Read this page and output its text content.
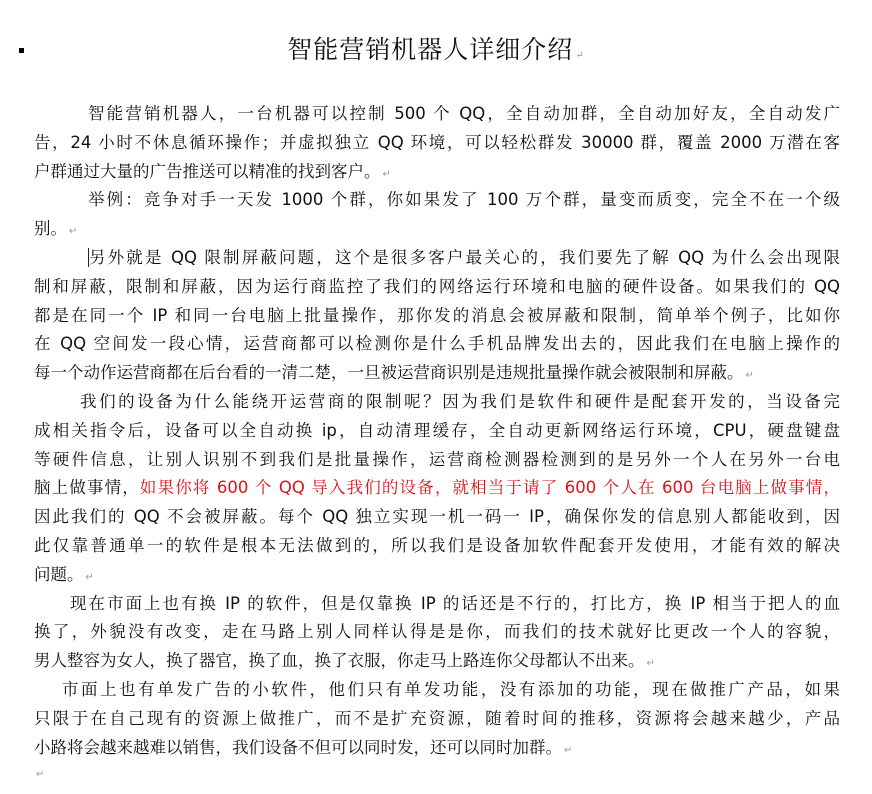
智能营销机器人详细介绍 ↵
智能营销机器人，一台机器可以控制 500 个 QQ，全自动加群，全自动加好友，全自动发广
告，24 小时不休息循环操作；并虚拟独立 QQ 环境，可以轻松群发 30000 群，覆盖 2000 万潜在客
户群通过大量的广告推送可以精准的找到客户。 ↵
举例：竞争对手一天发 1000 个群，你如果发了 100 万个群，量变而质变，完全不在一个级
别。 ↵
另外就是 QQ 限制屏蔽问题，这个是很多客户最关心的，我们要先了解 QQ 为什么会出现限
制和屏蔽，限制和屏蔽，因为运行商监控了我们的网络运行环境和电脑的硬件设备。如果我们的 QQ
都是在同一个 IP 和同一台电脑上批量操作，那你发的消息会被屏蔽和限制，简单举个例子，比如你
在 QQ 空间发一段心情，运营商都可以检测你是什么手机品牌发出去的，因此我们在电脑上操作的
每一个动作运营商都在后台看的一清二楚，一旦被运营商识别是违规批量操作就会被限制和屏蔽。 ↵
我们的设备为什么能绕开运营商的限制呢？因为我们是软件和硬件是配套开发的，当设备完
成相关指令后，设备可以全自动换 ip，自动清理缓存，全自动更新网络运行环境，CPU，硬盘键盘
等硬件信息，让别人识别不到我们是批量操作，运营商检测器检测到的是另外一个人在另外一台电
脑上做事情，如果你将 600 个 QQ 导入我们的设备，就相当于请了 600 个人在 600 台电脑上做事情，
因此我们的 QQ 不会被屏蔽。每个 QQ 独立实现一机一码一 IP，确保你发的信息别人都能收到，因
此仅靠普通单一的软件是根本无法做到的，所以我们是设备加软件配套开发使用，才能有效的解决
问题。 ↵
现在市面上也有换 IP 的软件，但是仅靠换 IP 的话还是不行的，打比方，换 IP 相当于把人的血
换了，外貌没有改变，走在马路上别人同样认得是是你，而我们的技术就好比更改一个人的容貌，
男人整容为女人，换了器官，换了血，换了衣服，你走马上路连你父母都认不出来。 ↵
市面上也有单发广告的小软件，他们只有单发功能，没有添加的功能，现在做推广产品，如果
只限于在自己现有的资源上做推广，而不是扩充资源，随着时间的推移，资源将会越来越少，产品
小路将会越来越难以销售，我们设备不但可以同时发，还可以同时加群。 ↵
↵
